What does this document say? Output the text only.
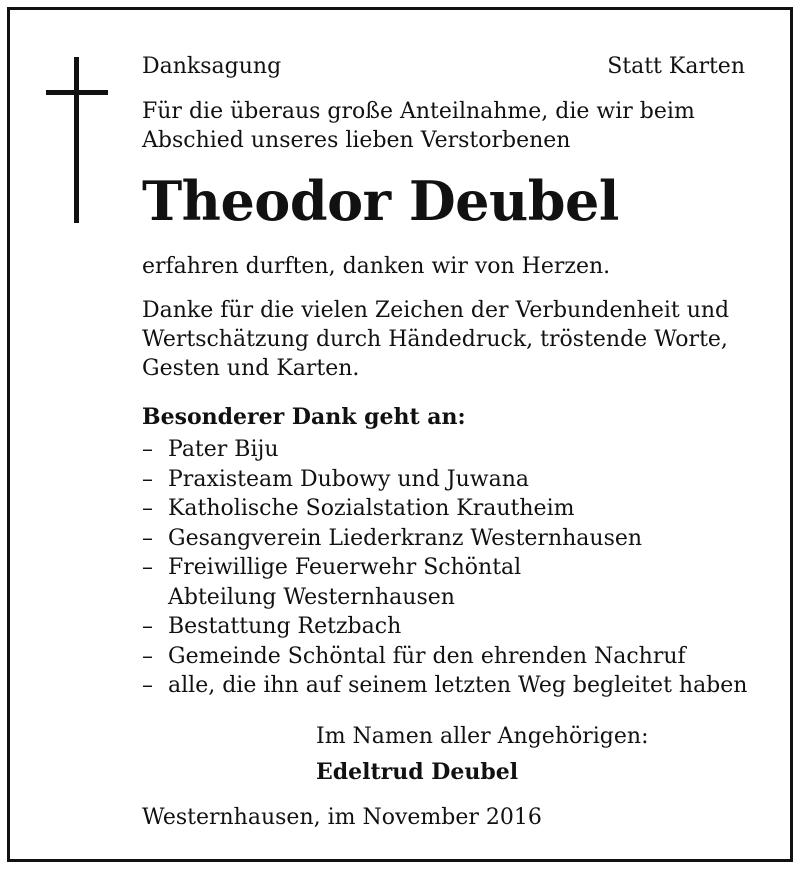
Danksagung	Statt Karten
Für die überaus große Anteilnahme, die wir beim
Abschied unseres lieben Verstorbenen
Theodor Deubel
erfahren durften, danken wir von Herzen.
Danke für die vielen Zeichen der Verbundenheit und
Wertschätzung durch Händedruck, tröstende Worte,
Gesten und Karten.
Besonderer Dank geht an:
– Pater Biju
– Praxisteam Dubowy und Juwana
– Katholische Sozialstation Krautheim
– Gesangverein Liederkranz Westernhausen
– Freiwillige Feuerwehr Schöntal
Abteilung Westernhausen
– Bestattung Retzbach
– Gemeinde Schöntal für den ehrenden Nachruf
– alle, die ihn auf seinem letzten Weg begleitet haben
Im Namen aller Angehörigen:
Edeltrud Deubel
Westernhausen, im November 2016
